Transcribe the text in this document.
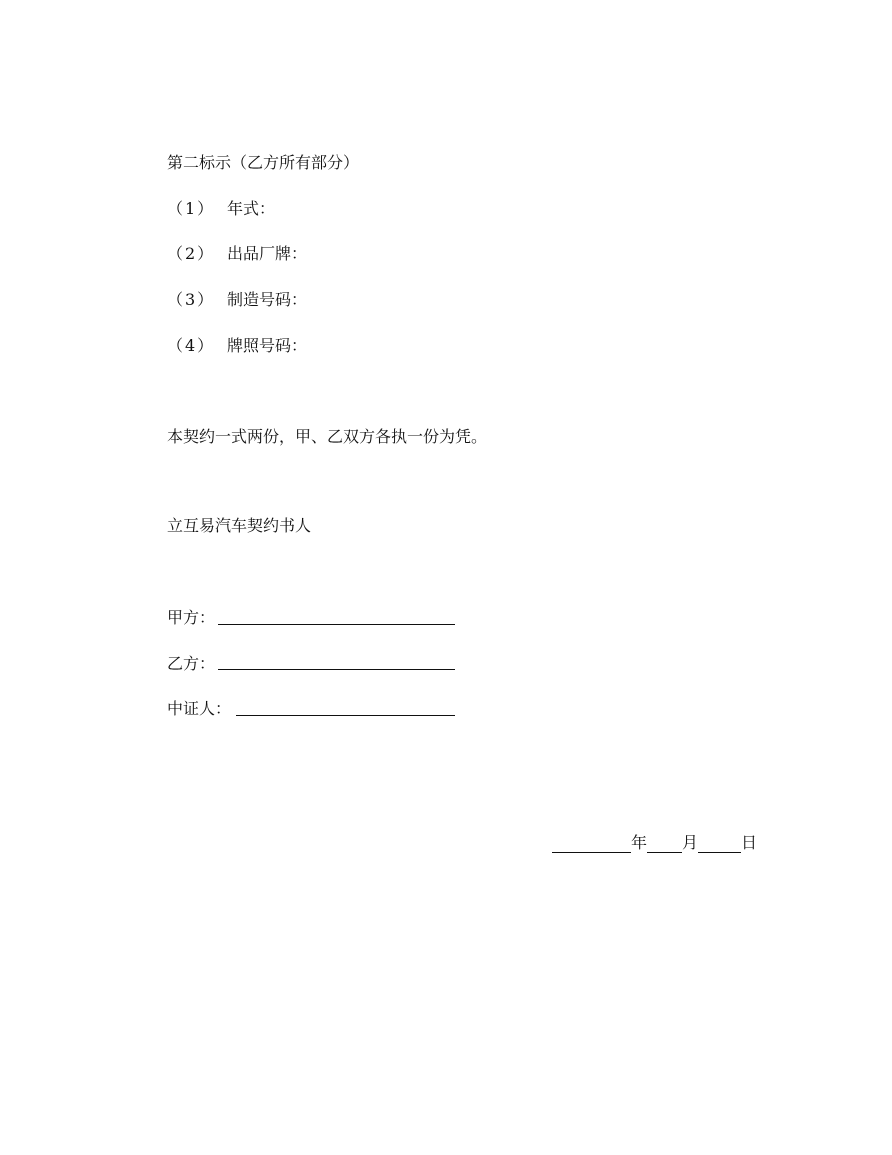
第二标示（乙方所有部分）
（1） 年式：
（2） 出品厂牌：
（3） 制造号码：
（4） 牌照号码：
本契约一式两份，甲、乙双方各执一份为凭。
立互易汽车契约书人
甲方：
乙方：
中证人：
年 月	日
